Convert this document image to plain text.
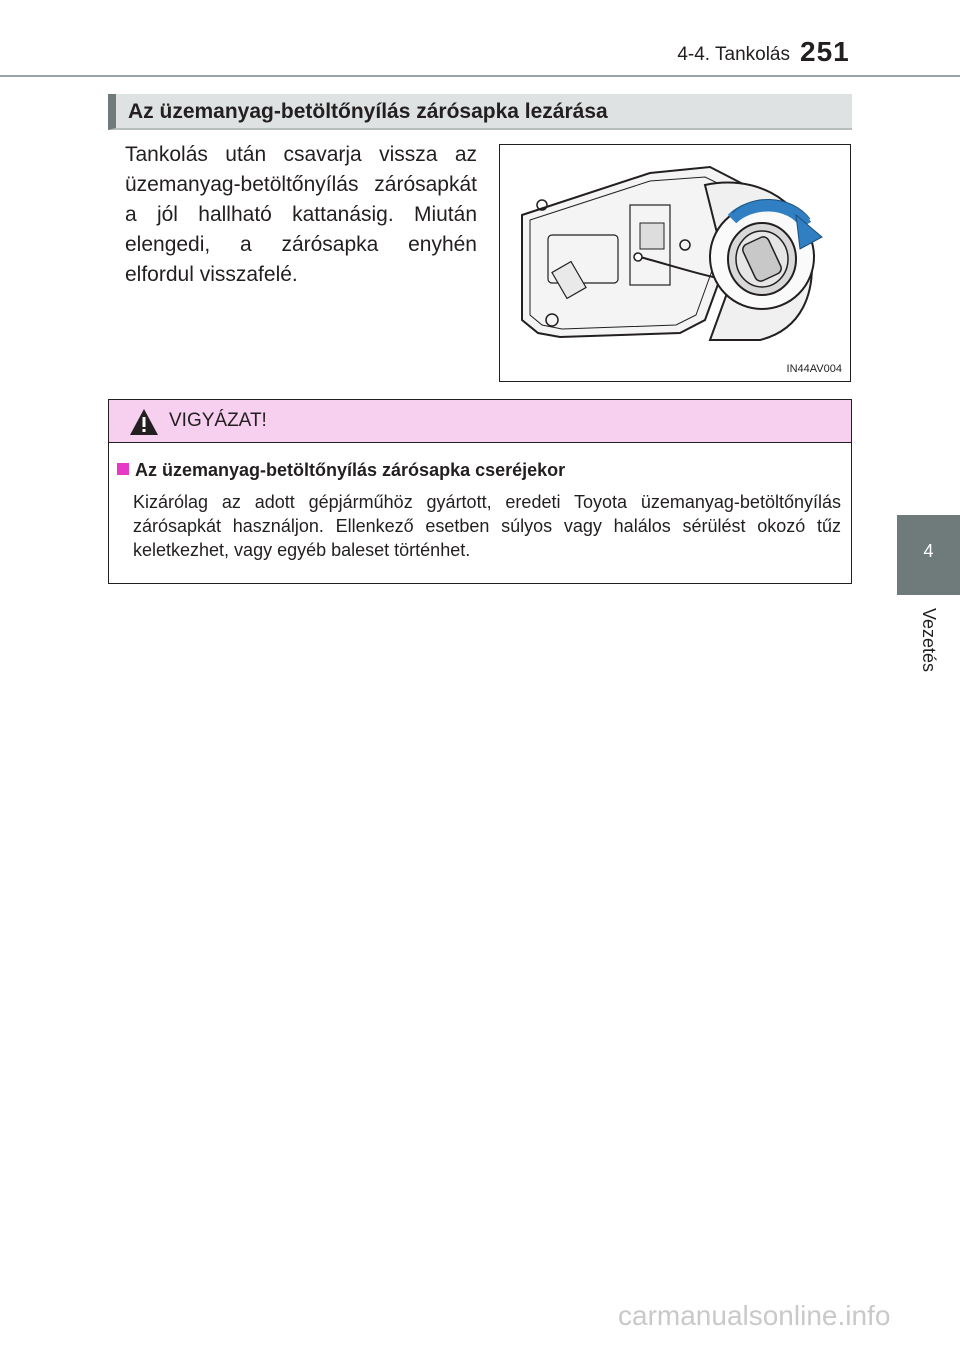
4-4. Tankolás 251
4
Vezetés
Az üzemanyag-betöltőnyílás zárósapka lezárása
Tankolás után csavarja vissza az üzemanyag-betöltőnyílás zárósapkát a jól hallható kattanásig. Miután elengedi, a zárósapka enyhén elfordul visszafelé.
IN44AV004
VIGYÁZAT!
Az üzemanyag-betöltőnyílás zárósapka cseréjekor
Kizárólag az adott gépjárműhöz gyártott, eredeti Toyota üzemanyag-betöltőnyílás zárósapkát használjon. Ellenkező esetben súlyos vagy halálos sérülést okozó tűz keletkezhet, vagy egyéb baleset történhet.
carmanualsonline.info
